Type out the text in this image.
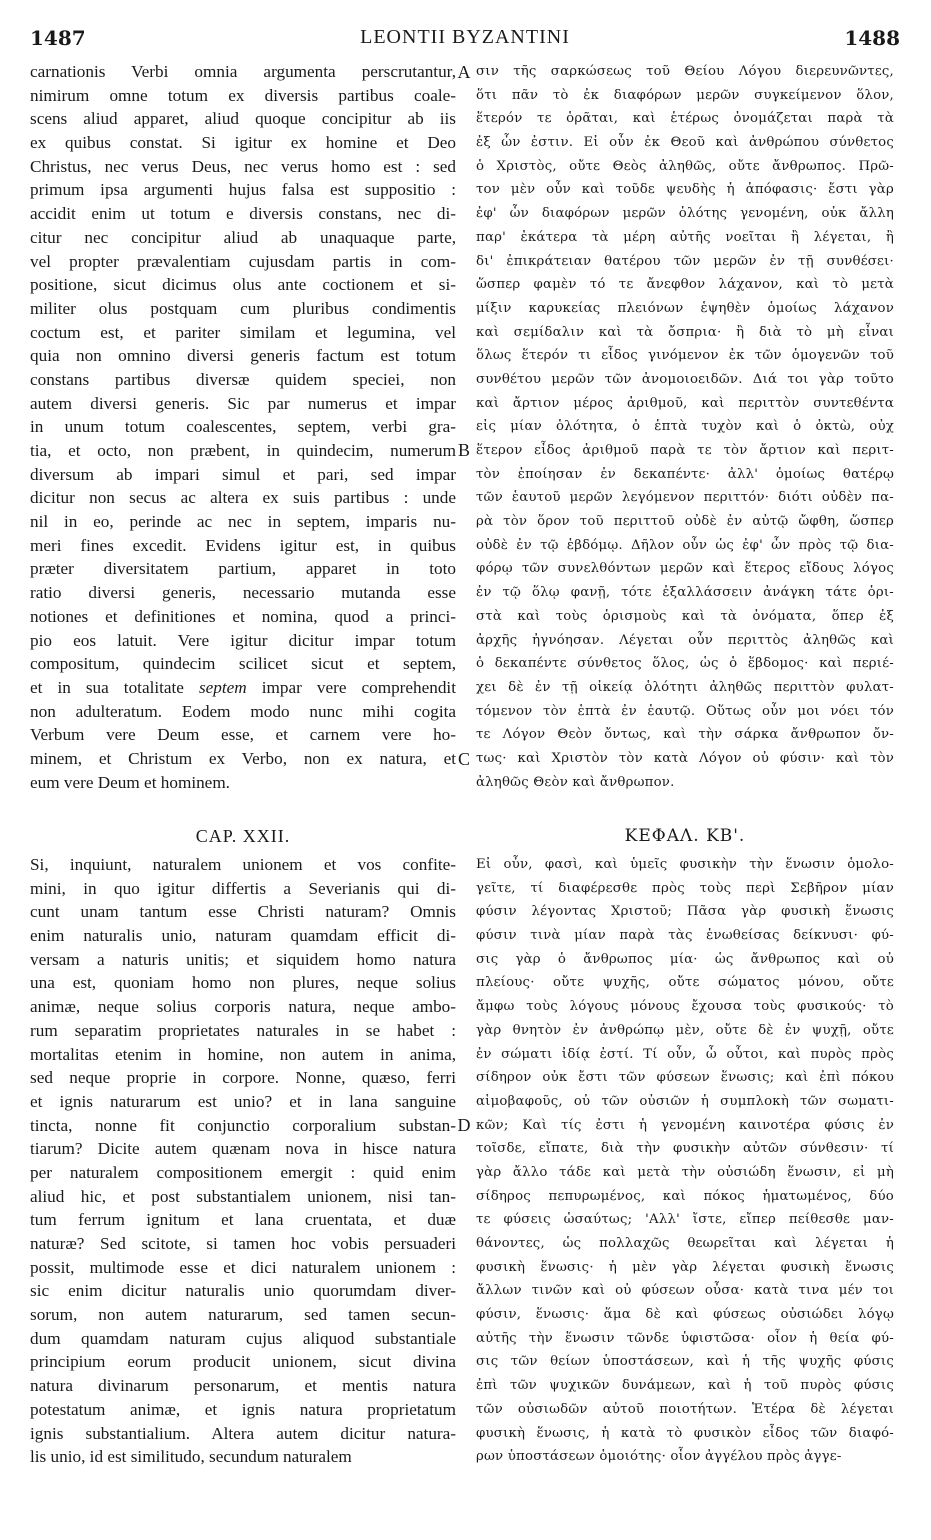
1487	LEONTII BYZANTINI	1488
carnationis Verbi omnia argumenta perscrutantur,
nimirum omne totum ex diversis partibus coale-
scens aliud apparet, aliud quoque concipitur ab iis
ex quibus constat. Si igitur ex homine et Deo
Christus, nec verus Deus, nec verus homo est : sed
primum ipsa argumenti hujus falsa est suppositio :
accidit enim ut totum e diversis constans, nec di-
citur nec concipitur aliud ab unaquaque parte,
vel propter prævalentiam cujusdam partis in com-
positione, sicut dicimus olus ante coctionem et si-
militer olus postquam cum pluribus condimentis
coctum est, et pariter similam et legumina, vel
quia non omnino diversi generis factum est totum
constans partibus diversæ quidem speciei, non
autem diversi generis. Sic par numerus et impar
in unum totum coalescentes, septem, verbi gra-
tia, et octo, non præbent, in quindecim, numerum
diversum ab impari simul et pari, sed impar
dicitur non secus ac altera ex suis partibus : unde
nil in eo, perinde ac nec in septem, imparis nu-
meri fines excedit. Evidens igitur est, in quibus
præter diversitatem partium, apparet in toto
ratio diversi generis, necessario mutanda esse
notiones et definitiones et nomina, quod a princi-
pio eos latuit. Vere igitur dicitur impar totum
compositum, quindecim scilicet sicut et septem,
et in sua totalitate septem impar vere comprehendit
non adulteratum. Eodem modo nunc mihi cogita
Verbum vere Deum esse, et carnem vere ho-
minem, et Christum ex Verbo, non ex natura, et
eum vere Deum et hominem.
σιν τῆς σαρκώσεως τοῦ Θείου Λόγου διερευνῶντες,
ὅτι πᾶν τὸ ἐκ διαφόρων μερῶν συγκείμενον ὅλον,
ἕτερόν τε ὁρᾶται, καὶ ἑτέρως ὀνομάζεται παρὰ τὰ
ἐξ ὧν ἐστιν. Εἰ οὖν ἐκ Θεοῦ καὶ ἀνθρώπου σύνθετος
ὁ Χριστὸς, οὔτε Θεὸς ἀληθῶς, οὔτε ἄνθρωπος. Πρῶ-
τον μὲν οὖν καὶ τοῦδε ψευδὴς ἡ ἀπόφασις· ἔστι γὰρ
ἐφ' ὧν διαφόρων μερῶν ὁλότης γενομένη, οὐκ ἄλλη
παρ' ἑκάτερα τὰ μέρη αὐτῆς νοεῖται ἢ λέγεται, ἢ
δι' ἐπικράτειαν θατέρου τῶν μερῶν ἐν τῇ συνθέσει·
ὥσπερ φαμὲν τό τε ἄνεφθον λάχανον, καὶ τὸ μετὰ
μίξιν καρυκείας πλειόνων ἑψηθὲν ὁμοίως λάχανον
καὶ σεμίδαλιν καὶ τὰ ὄσπρια· ἢ διὰ τὸ μὴ εἶναι
ὅλως ἕτερόν τι εἶδος γινόμενον ἐκ τῶν ὁμογενῶν τοῦ
συνθέτου μερῶν τῶν ἀνομοιοειδῶν. Διά τοι γὰρ τοῦτο
καὶ ἄρτιον μέρος ἀριθμοῦ, καὶ περιττὸν συντεθέντα
εἰς μίαν ὁλότητα, ὁ ἑπτὰ τυχὸν καὶ ὁ ὀκτὼ, οὐχ
ἕτερον εἶδος ἀριθμοῦ παρὰ τε τὸν ἄρτιον καὶ περιτ-
τὸν ἐποίησαν ἐν δεκαπέντε· ἀλλ' ὁμοίως θατέρῳ
τῶν ἑαυτοῦ μερῶν λεγόμενον περιττόν· διότι οὐδὲν πα-
ρὰ τὸν ὅρον τοῦ περιττοῦ οὐδὲ ἐν αὐτῷ ὤφθη, ὥσπερ
οὐδὲ ἐν τῷ ἑβδόμῳ. Δῆλον οὖν ὡς ἐφ' ὧν πρὸς τῷ δια-
φόρῳ τῶν συνελθόντων μερῶν καὶ ἕτερος εἴδους λόγος
ἐν τῷ ὅλῳ φανῇ, τότε ἐξαλλάσσειν ἀνάγκη τάτε ὁρι-
στὰ καὶ τοὺς ὁρισμοὺς καὶ τὰ ὀνόματα, ὅπερ ἐξ
ἀρχῆς ἠγνόησαν. Λέγεται οὖν περιττὸς ἀληθῶς καὶ
ὁ δεκαπέντε σύνθετος ὅλος, ὡς ὁ ἕβδομος· καὶ περιέ-
χει δὲ ἐν τῇ οἰκείᾳ ὁλότητι ἀληθῶς περιττὸν φυλατ-
τόμενον τὸν ἑπτὰ ἐν ἑαυτῷ. Οὕτως οὖν μοι νόει τόν
τε Λόγον Θεὸν ὄντως, καὶ τὴν σάρκα ἄνθρωπον ὄν-
τως· καὶ Χριστὸν τὸν κατὰ Λόγον οὐ φύσιν· καὶ τὸν
ἀληθῶς Θεὸν καὶ ἄνθρωπον.
A
B
C
D
CAP. XXII.	ΚΕΦΑΛ. ΚΒ'.
Si, inquiunt, naturalem unionem et vos confite-
mini, in quo igitur differtis a Severianis qui di-
cunt unam tantum esse Christi naturam? Omnis
enim naturalis unio, naturam quamdam efficit di-
versam a naturis unitis; et siquidem homo natura
una est, quoniam homo non plures, neque solius
animæ, neque solius corporis natura, neque ambo-
rum separatim proprietates naturales in se habet :
mortalitas etenim in homine, non autem in anima,
sed neque proprie in corpore. Nonne, quæso, ferri
et ignis naturarum est unio? et in lana sanguine
tincta, nonne fit conjunctio corporalium substan-
tiarum? Dicite autem quænam nova in hisce natura
per naturalem compositionem emergit : quid enim
aliud hic, et post substantialem unionem, nisi tan-
tum ferrum ignitum et lana cruentata, et duæ
naturæ? Sed scitote, si tamen hoc vobis persuaderi
possit, multimode esse et dici naturalem unionem :
sic enim dicitur naturalis unio quorumdam diver-
sorum, non autem naturarum, sed tamen secun-
dum quamdam naturam cujus aliquod substantiale
principium eorum producit unionem, sicut divina
natura divinarum personarum, et mentis natura
potestatum animæ, et ignis natura proprietatum
ignis substantialium. Altera autem dicitur natura-
lis unio, id est similitudo, secundum naturalem
Εἰ οὖν, φασὶ, καὶ ὑμεῖς φυσικὴν τὴν ἕνωσιν ὁμολο-
γεῖτε, τί διαφέρεσθε πρὸς τοὺς περὶ Σεβῆρον μίαν
φύσιν λέγοντας Χριστοῦ; Πᾶσα γὰρ φυσικὴ ἕνωσις
φύσιν τινὰ μίαν παρὰ τὰς ἑνωθείσας δείκνυσι· φύ-
σις γὰρ ὁ ἄνθρωπος μία· ὡς ἄνθρωπος καὶ οὐ
πλείους· οὔτε ψυχῆς, οὔτε σώματος μόνου, οὔτε
ἄμφω τοὺς λόγους μόνους ἔχουσα τοὺς φυσικούς· τὸ
γὰρ θνητὸν ἐν ἀνθρώπῳ μὲν, οὔτε δὲ ἐν ψυχῇ, οὔτε
ἐν σώματι ἰδίᾳ ἐστί. Τί οὖν, ὦ οὗτοι, καὶ πυρὸς πρὸς
σίδηρον οὐκ ἔστι τῶν φύσεων ἕνωσις; καὶ ἐπὶ πόκου
αἱμοβαφοῦς, οὐ τῶν οὐσιῶν ἡ συμπλοκὴ τῶν σωματι-
κῶν; Καὶ τίς ἐστι ἡ γενομένη καινοτέρα φύσις ἐν
τοῖσδε, εἴπατε, διὰ τὴν φυσικὴν αὐτῶν σύνθεσιν· τί
γὰρ ἄλλο τάδε καὶ μετὰ τὴν οὐσιώδη ἕνωσιν, εἰ μὴ
σίδηρος πεπυρωμένος, καὶ πόκος ἡματωμένος, δύο
τε φύσεις ὡσαύτως; 'Αλλ' ἴστε, εἴπερ πείθεσθε μαν-
θάνοντες, ὡς πολλαχῶς θεωρεῖται καὶ λέγεται ἡ
φυσικὴ ἕνωσις· ἡ μὲν γὰρ λέγεται φυσικὴ ἕνωσις
ἄλλων τινῶν καὶ οὐ φύσεων οὖσα· κατὰ τινα μέν τοι
φύσιν, ἕνωσις· ἅμα δὲ καὶ φύσεως οὐσιώδει λόγῳ
αὐτῆς τὴν ἕνωσιν τῶνδε ὑφιστῶσα· οἷον ἡ θεία φύ-
σις τῶν θείων ὑποστάσεων, καὶ ἡ τῆς ψυχῆς φύσις
ἐπὶ τῶν ψυχικῶν δυνάμεων, καὶ ἡ τοῦ πυρὸς φύσις
τῶν οὐσιωδῶν αὐτοῦ ποιοτήτων. Ἑτέρα δὲ λέγεται
φυσικὴ ἕνωσις, ἡ κατὰ τὸ φυσικὸν εἶδος τῶν διαφό-
ρων ὑποστάσεων ὁμοιότης· οἷον ἀγγέλου πρὸς ἀγγε-
